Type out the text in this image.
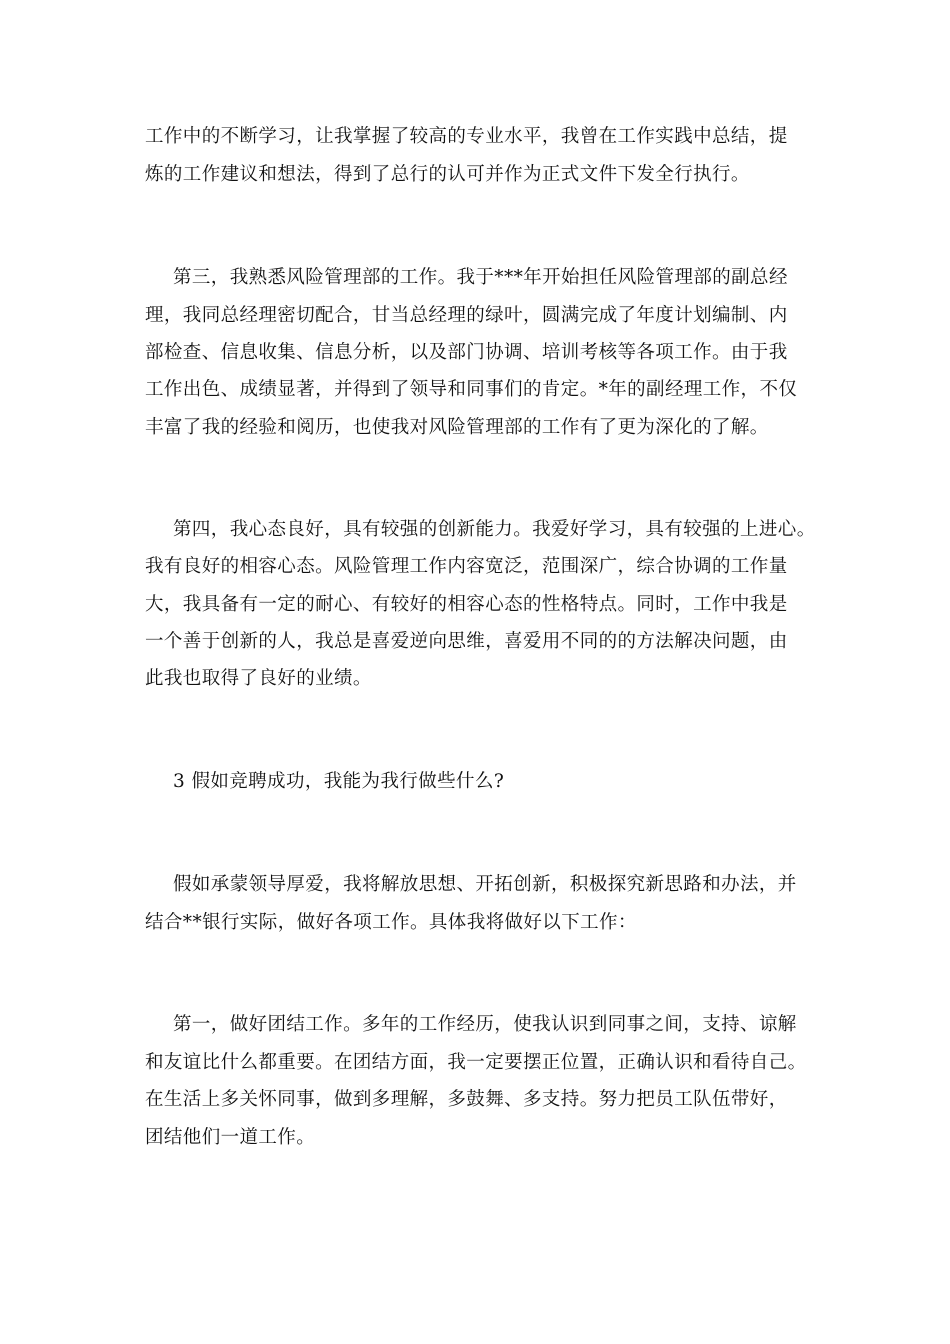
工作中的不断学习，让我掌握了较高的专业水平，我曾在工作实践中总结，提
炼的工作建议和想法，得到了总行的认可并作为正式文件下发全行执行。
第三，我熟悉风险管理部的工作。我于***年开始担任风险管理部的副总经
理，我同总经理密切配合，甘当总经理的绿叶，圆满完成了年度计划编制、内
部检查、信息收集、信息分析，以及部门协调、培训考核等各项工作。由于我
工作出色、成绩显著，并得到了领导和同事们的肯定。*年的副经理工作，不仅
丰富了我的经验和阅历，也使我对风险管理部的工作有了更为深化的了解。
第四，我心态良好，具有较强的创新能力。我爱好学习，具有较强的上进心。
我有良好的相容心态。风险管理工作内容宽泛，范围深广，综合协调的工作量
大，我具备有一定的耐心、有较好的相容心态的性格特点。同时，工作中我是
一个善于创新的人，我总是喜爱逆向思维，喜爱用不同的的方法解决问题，由
此我也取得了良好的业绩。
3 假如竞聘成功，我能为我行做些什么?
假如承蒙领导厚爱，我将解放思想、开拓创新，积极探究新思路和办法，并
结合**银行实际，做好各项工作。具体我将做好以下工作：
第一，做好团结工作。多年的工作经历，使我认识到同事之间，支持、谅解
和友谊比什么都重要。在团结方面，我一定要摆正位置，正确认识和看待自己。
在生活上多关怀同事，做到多理解，多鼓舞、多支持。努力把员工队伍带好，
团结他们一道工作。
